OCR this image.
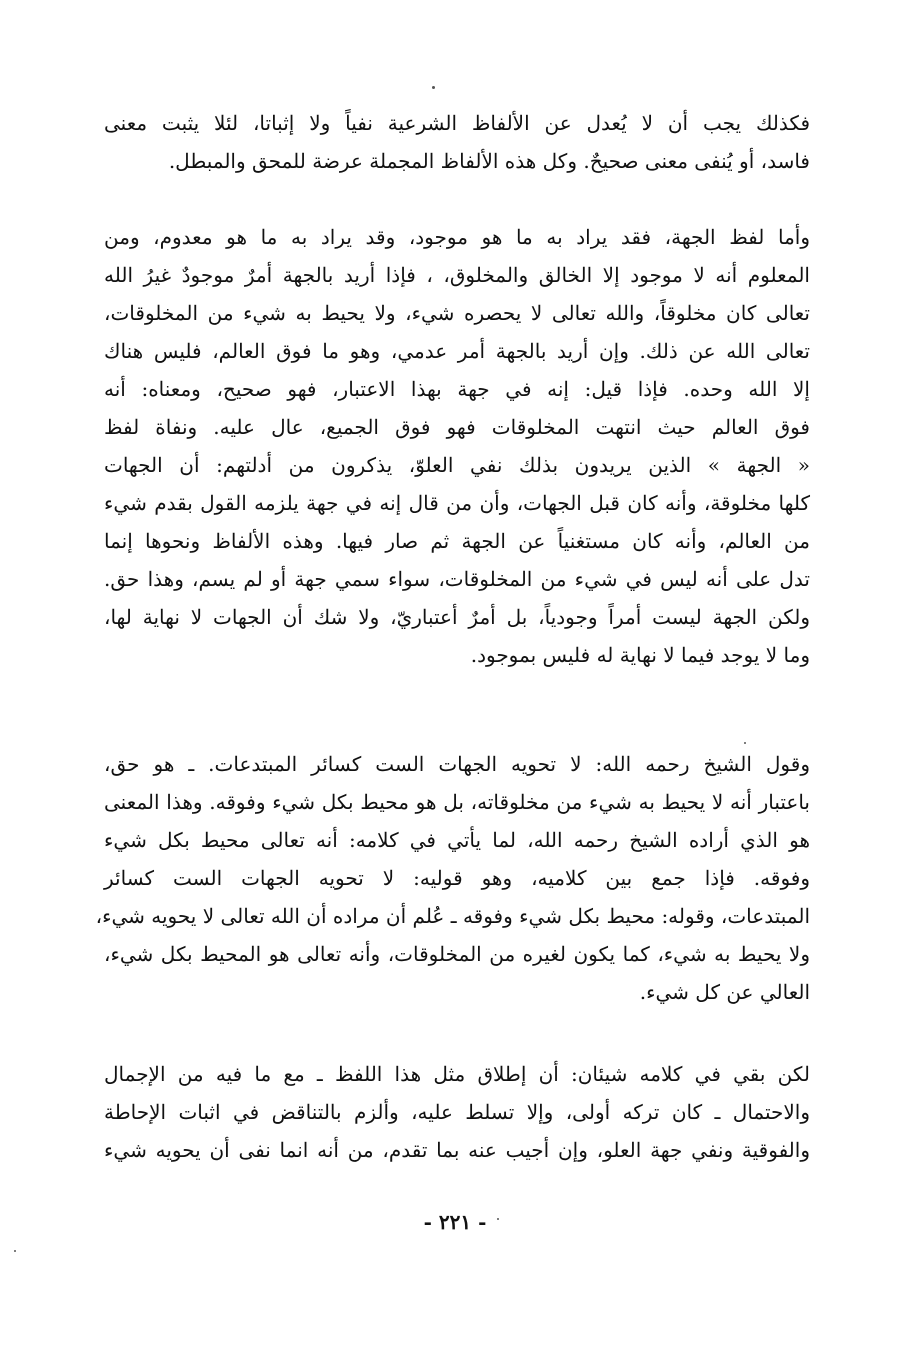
فكذلك يجب أن لا يُعدل عن الألفاظ الشرعية نفياً ولا إثباتا، لئلا يثبت معنى
فاسد، أو يُنفى معنى صحيحٌ. وكل هذه الألفاظ المجملة عرضة للمحق والمبطل.
وأما لفظ الجهة، فقد يراد به ما هو موجود، وقد يراد به ما هو معدوم، ومن
المعلوم أنه لا موجود إلا الخالق والمخلوق، ، فإذا أريد بالجهة أمرٌ موجودٌ غيرُ الله
تعالى كان مخلوقاً، والله تعالى لا يحصره شيء، ولا يحيط به شيء من المخلوقات،
تعالى الله عن ذلك. وإن أريد بالجهة أمر عدمي، وهو ما فوق العالم، فليس هناك
إلا الله وحده. فإذا قيل: إنه في جهة بهذا الاعتبار، فهو صحيح، ومعناه: أنه
فوق العالم حيث انتهت المخلوقات فهو فوق الجميع، عال عليه. ونفاة لفظ
« الجهة » الذين يريدون بذلك نفي العلوّ، يذكرون من أدلتهم: أن الجهات
كلها مخلوقة، وأنه كان قبل الجهات، وأن من قال إنه في جهة يلزمه القول بقدم شيء
من العالم، وأنه كان مستغنياً عن الجهة ثم صار فيها. وهذه الألفاظ ونحوها إنما
تدل على أنه ليس في شيء من المخلوقات، سواء سمي جهة أو لم يسم، وهذا حق.
ولكن الجهة ليست أمراً وجودياً، بل أمرٌ أعتباريّ، ولا شك أن الجهات لا نهاية لها،
وما لا يوجد فيما لا نهاية له فليس بموجود.
وقول الشيخ رحمه الله: لا تحويه الجهات الست كسائر المبتدعات. ـ هو حق،
باعتبار أنه لا يحيط به شيء من مخلوقاته، بل هو محيط بكل شيء وفوقه. وهذا المعنى
هو الذي أراده الشيخ رحمه الله، لما يأتي في كلامه: أنه تعالى محيط بكل شيء
وفوقه. فإذا جمع بين كلاميه، وهو قوليه: لا تحويه الجهات الست كسائر
المبتدعات، وقوله: محيط بكل شيء وفوقه ـ عُلم أن مراده أن الله تعالى لا يحويه شيء،
ولا يحيط به شيء، كما يكون لغيره من المخلوقات، وأنه تعالى هو المحيط بكل شيء،
العالي عن كل شيء.
لكن بقي في كلامه شيئان: أن إطلاق مثل هذا اللفظ ـ مع ما فيه من الإجمال
والاحتمال ـ كان تركه أولى، وإلا تسلط عليه، وألزم بالتناقض في اثبات الإحاطة
والفوقية ونفي جهة العلو، وإن أجيب عنه بما تقدم، من أنه انما نفى أن يحويه شيء
- ٢٢١ -
